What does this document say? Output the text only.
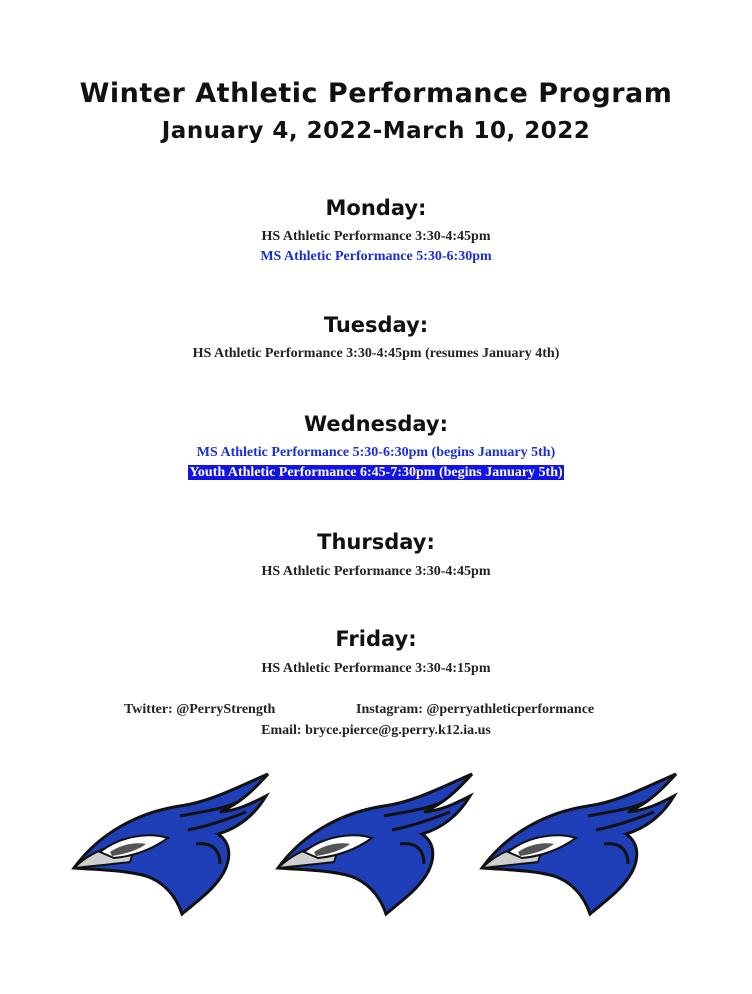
Winter Athletic Performance Program
January 4, 2022-March 10, 2022
Monday:
HS Athletic Performance 3:30-4:45pm
MS Athletic Performance 5:30-6:30pm
Tuesday:
HS Athletic Performance 3:30-4:45pm (resumes January 4th)
Wednesday:
MS Athletic Performance 5:30-6:30pm (begins January 5th)
Youth Athletic Performance 6:45-7:30pm (begins January 5th)
Thursday:
HS Athletic Performance 3:30-4:45pm
Friday:
HS Athletic Performance 3:30-4:15pm
Twitter: @PerryStrength	Instagram: @perryathleticperformance
Email: bryce.pierce@g.perry.k12.ia.us
